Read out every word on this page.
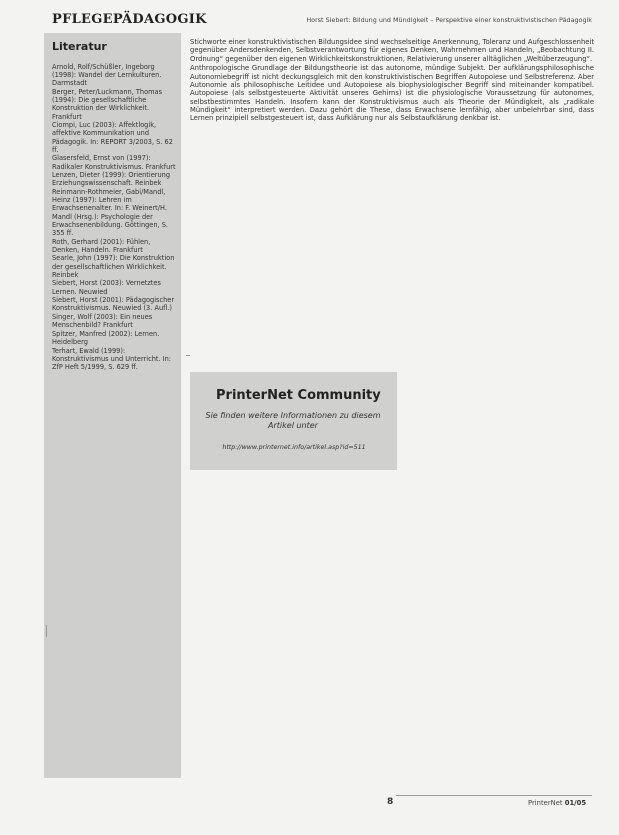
PFLEGEPÄDAGOGIK	Horst Siebert: Bildung und Mündigkeit – Perspektive einer konstruktivistischen Pädagogik
Literatur
Arnold, Rolf/Schüßler, Ingeborg (1998): Wandel der Lernkulturen. Darmstadt
Berger, Peter/Luckmann, Thomas (1994): Die gesellschaftliche Konstruktion der Wirklichkeit. Frankfurt
Ciompi, Luc (2003): Affektlogik, affektive Kommunikation und Pädagogik. In: REPORT 3/2003, S. 62 ff.
Glasersfeld, Ernst von (1997): Radikaler Konstruktivismus. Frankfurt
Lenzen, Dieter (1999): Orientierung Erziehungswissenschaft. Reinbek
Reinmann-Rothmeier, Gabi/Mandl, Heinz (1997): Lehren im Erwachsenenalter. In: F. Weinert/H. Mandl (Hrsg.): Psychologie der Erwachsenenbildung. Göttingen, S. 355 ff.
Roth, Gerhard (2001): Fühlen, Denken, Handeln. Frankfurt
Searle, John (1997): Die Konstruktion der gesellschaftlichen Wirklichkeit. Reinbek
Siebert, Horst (2003): Vernetztes Lernen. Neuwied
Siebert, Horst (2001): Pädagogischer Konstruktivismus. Neuwied (3. Aufl.)
Singer, Wolf (2003): Ein neues Menschenbild? Frankfurt
Spitzer, Manfred (2002): Lernen. Heidelberg
Terhart, Ewald (1999): Konstruktivismus und Unterricht. In: ZfP Heft 5/1999, S. 629 ff.

Stichworte einer konstruktivistischen Bildungsidee sind wechselseitige Anerkennung, Toleranz und Aufgeschlossenheit gegenüber Andersdenkenden, Selbstverantwortung für eigenes Denken, Wahrnehmen und Handeln, „Beobachtung II. Ordnung“ gegenüber den eigenen Wirklichkeitskonstruktionen, Relativierung unserer alltäglichen „Weltüberzeugung“.

Anthropologische Grundlage der Bildungstheorie ist das autonome, mündige Subjekt. Der aufklärungsphilosophische Autonomiebegriff ist nicht deckungsgleich mit den konstruktivistischen Begriffen Autopoiese und Selbstreferenz. Aber Autonomie als philosophische Leitidee und Autopoiese als biophysiologischer Begriff sind miteinander kompatibel. Autopoiese (als selbstgesteuerte Aktivität unseres Gehirns) ist die physiologische Voraussetzung für autonomes, selbstbestimmtes Handeln. Insofern kann der Konstruktivismus auch als Theorie der Mündigkeit, als „radikale Mündigkeit“ interpretiert werden. Dazu gehört die These, dass Erwachsene lernfähig, aber unbelehrbar sind, dass Lernen prinzipiell selbstgesteuert ist, dass Aufklärung nur als Selbstaufklärung denkbar ist.

PrinterNet Community
Sie finden weitere Informationen zu diesem Artikel unter
http://www.printernet.info/artikel.asp?id=511
8	PrinterNet 01/05
